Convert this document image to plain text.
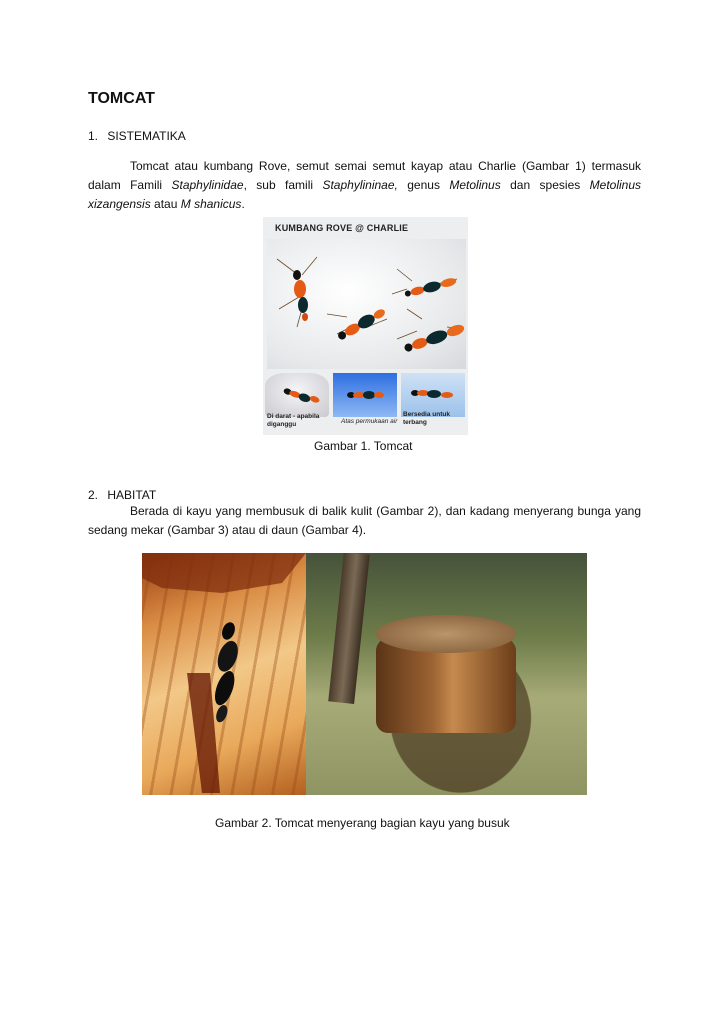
TOMCAT
1. SISTEMATIKA
Tomcat atau kumbang Rove, semut semai semut kayap atau Charlie (Gambar 1) termasuk dalam Famili Staphylinidae, sub famili Staphylininae, genus Metolinus dan spesies Metolinus xizangensis atau M shanicus.
KUMBANG ROVE @ CHARLIE
Di darat - apabila diganggu	Atas permukaan air
Bersedia untuk terbang
Gambar 1. Tomcat
2. HABITAT
Berada di kayu yang membusuk di balik kulit (Gambar 2), dan kadang menyerang bunga yang sedang mekar (Gambar 3) atau di daun (Gambar 4).
Gambar 2. Tomcat menyerang bagian kayu yang busuk
